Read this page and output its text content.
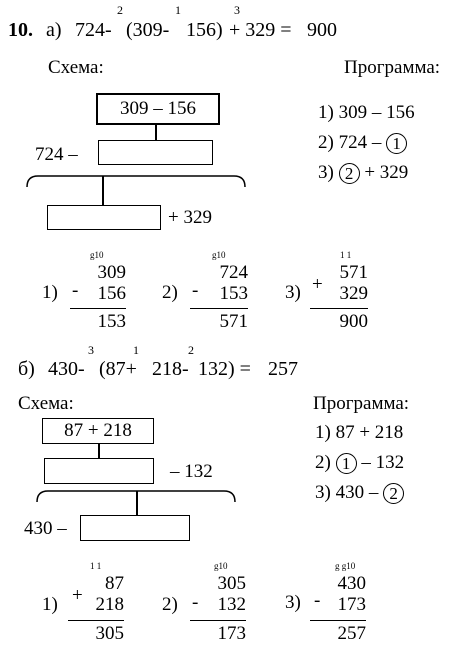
10. а) 724- (309- 156) + 329 = 900
2	1	3
Схема:	Программа:
309 – 156
724 –
+ 329
1) 309 – 156
2) 724 – 1
3) 2 + 329
1) -
g10
309
156
153
2) -
g10
724
153
571
3) +
1 1
571
329
900
б) 430- (87+ 218- 132) = 257
3	1	2
Схема:	Программа:
87 + 218
– 132
430 –
1) 87 + 218
2) 1 – 132
3) 430 – 2
1) +
1 1
87
218
305
2) -
g10
305
132
173
3) -
g g10
430
173
257
